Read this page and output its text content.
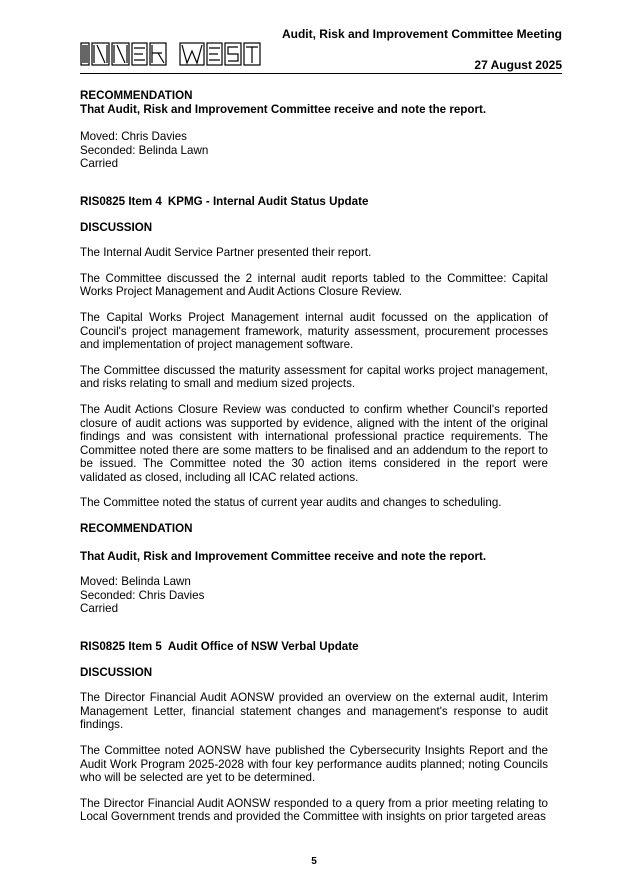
Audit, Risk and Improvement Committee Meeting
27 August 2025

RECOMMENDATION

That Audit, Risk and Improvement Committee receive and note the report.

Moved: Chris Davies

Seconded: Belinda Lawn

Carried

RIS0825 Item 4 KPMG - Internal Audit Status Update

DISCUSSION

The Internal Audit Service Partner presented their report.

The Committee discussed the 2 internal audit reports tabled to the Committee: Capital Works Project Management and Audit Actions Closure Review.

The Capital Works Project Management internal audit focussed on the application of Council's project management framework, maturity assessment, procurement processes and implementation of project management software.

The Committee discussed the maturity assessment for capital works project management, and risks relating to small and medium sized projects.

The Audit Actions Closure Review was conducted to confirm whether Council's reported closure of audit actions was supported by evidence, aligned with the intent of the original findings and was consistent with international professional practice requirements. The Committee noted there are some matters to be finalised and an addendum to the report to be issued. The Committee noted the 30 action items considered in the report were validated as closed, including all ICAC related actions.

The Committee noted the status of current year audits and changes to scheduling.

RECOMMENDATION

That Audit, Risk and Improvement Committee receive and note the report.

Moved: Belinda Lawn

Seconded: Chris Davies

Carried

RIS0825 Item 5 Audit Office of NSW Verbal Update

DISCUSSION

The Director Financial Audit AONSW provided an overview on the external audit, Interim Management Letter, financial statement changes and management's response to audit findings.

The Committee noted AONSW have published the Cybersecurity Insights Report and the Audit Work Program 2025-2028 with four key performance audits planned; noting Councils who will be selected are yet to be determined.

The Director Financial Audit AONSW responded to a query from a prior meeting relating to Local Government trends and provided the Committee with insights on prior targeted areas

5
